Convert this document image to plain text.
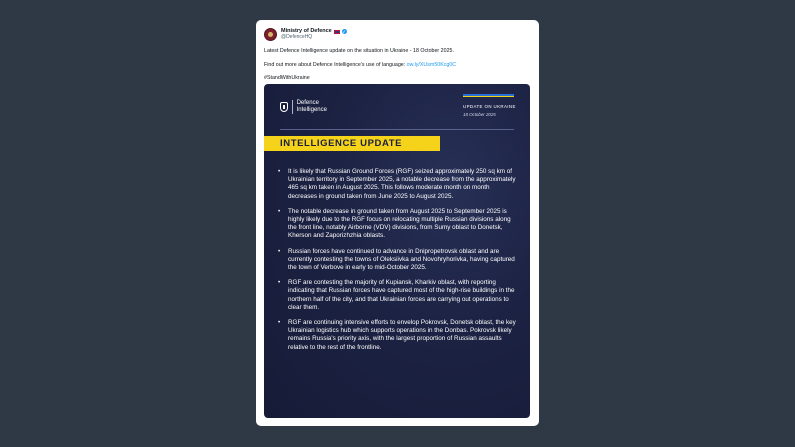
Ministry of Defence	✓
@DefenceHQ
Latest Defence Intelligence update on the situation in Ukraine - 18 October 2025.
Find out more about Defence Intelligence's use of language: ow.ly/XUsm50Kcg0C
#StandWithUkraine
Defence
Intelligence
UPDATE ON UKRAINE
18 October 2025
INTELLIGENCE UPDATE
• It is likely that Russian Ground Forces (RGF) seized approximately 250 sq km of Ukrainian territory in September 2025, a notable decrease from the approximately 465 sq km taken in August 2025. This follows moderate month on month decreases in ground taken from June 2025 to August 2025.
• The notable decrease in ground taken from August 2025 to September 2025 is highly likely due to the RGF focus on relocating multiple Russian divisions along the front line, notably Airborne (VDV) divisions, from Sumy oblast to Donetsk, Kherson and Zaporizhzhia oblasts.
• Russian forces have continued to advance in Dnipropetrovsk oblast and are currently contesting the towns of Oleksiivka and Novohryhorivka, having captured the town of Verbove in early to mid-October 2025.
• RGF are contesting the majority of Kupiansk, Kharkiv oblast, with reporting indicating that Russian forces have captured most of the high-rise buildings in the northern half of the city, and that Ukrainian forces are carrying out operations to clear them.
• RGF are continuing intensive efforts to envelop Pokrovsk, Donetsk oblast, the key Ukrainian logistics hub which supports operations in the Donbas. Pokrovsk likely remains Russia's priority axis, with the largest proportion of Russian assaults relative to the rest of the frontline.
